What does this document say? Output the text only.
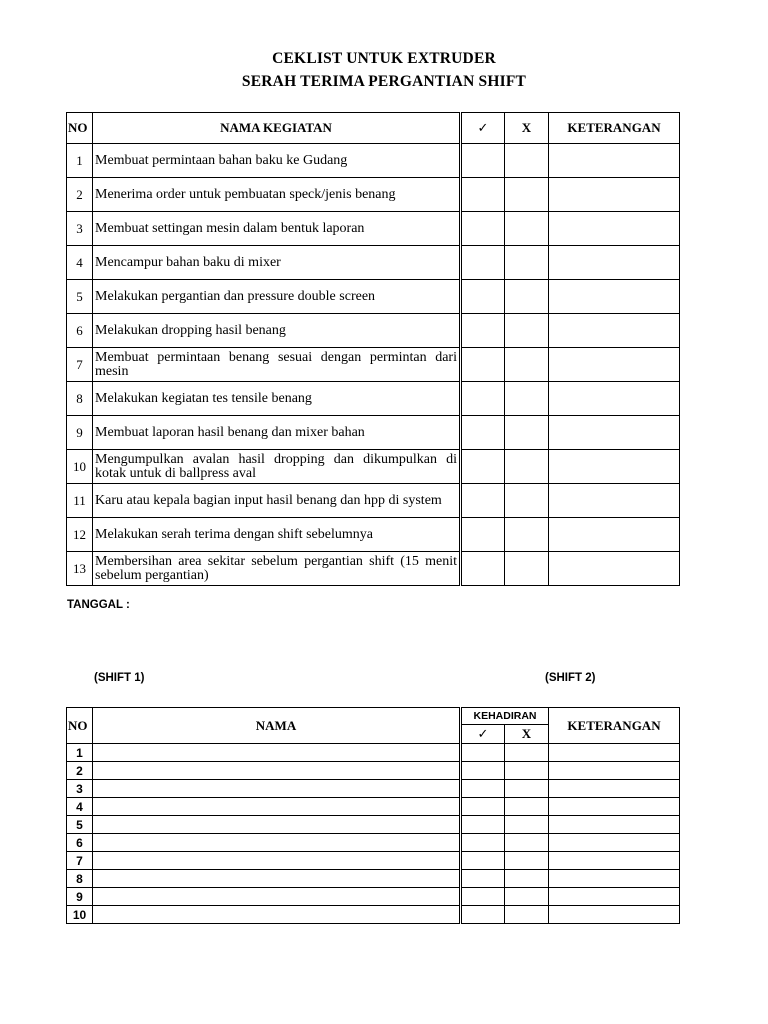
CEKLIST UNTUK EXTRUDER
SERAH TERIMA PERGANTIAN SHIFT
NO	NAMA KEGIATAN	✓	X	KETERANGAN
1	Membuat permintaan bahan baku ke Gudang			
2	Menerima order untuk pembuatan speck/jenis benang			
3	Membuat settingan mesin dalam bentuk laporan			
4	Mencampur bahan baku di mixer			
5	Melakukan pergantian dan pressure double screen			
6	Melakukan dropping hasil benang			
7	Membuat permintaan benang sesuai dengan permintan dari mesin			
8	Melakukan kegiatan tes tensile benang			
9	Membuat laporan hasil benang dan mixer bahan			
10	Mengumpulkan avalan hasil dropping dan dikumpulkan di kotak untuk di ballpress aval			
11	Karu atau kepala bagian input hasil benang dan hpp di system			
12	Melakukan serah terima dengan shift sebelumnya			
13	Membersihan area sekitar sebelum pergantian shift (15 menit sebelum pergantian)			
TANGGAL :
(SHIFT 1)	(SHIFT 2)
NO	NAMA	KEHADIRAN		KETERANGAN
		✓	X	
1				
2				
3				
4				
5				
6				
7				
8				
9				
10				
